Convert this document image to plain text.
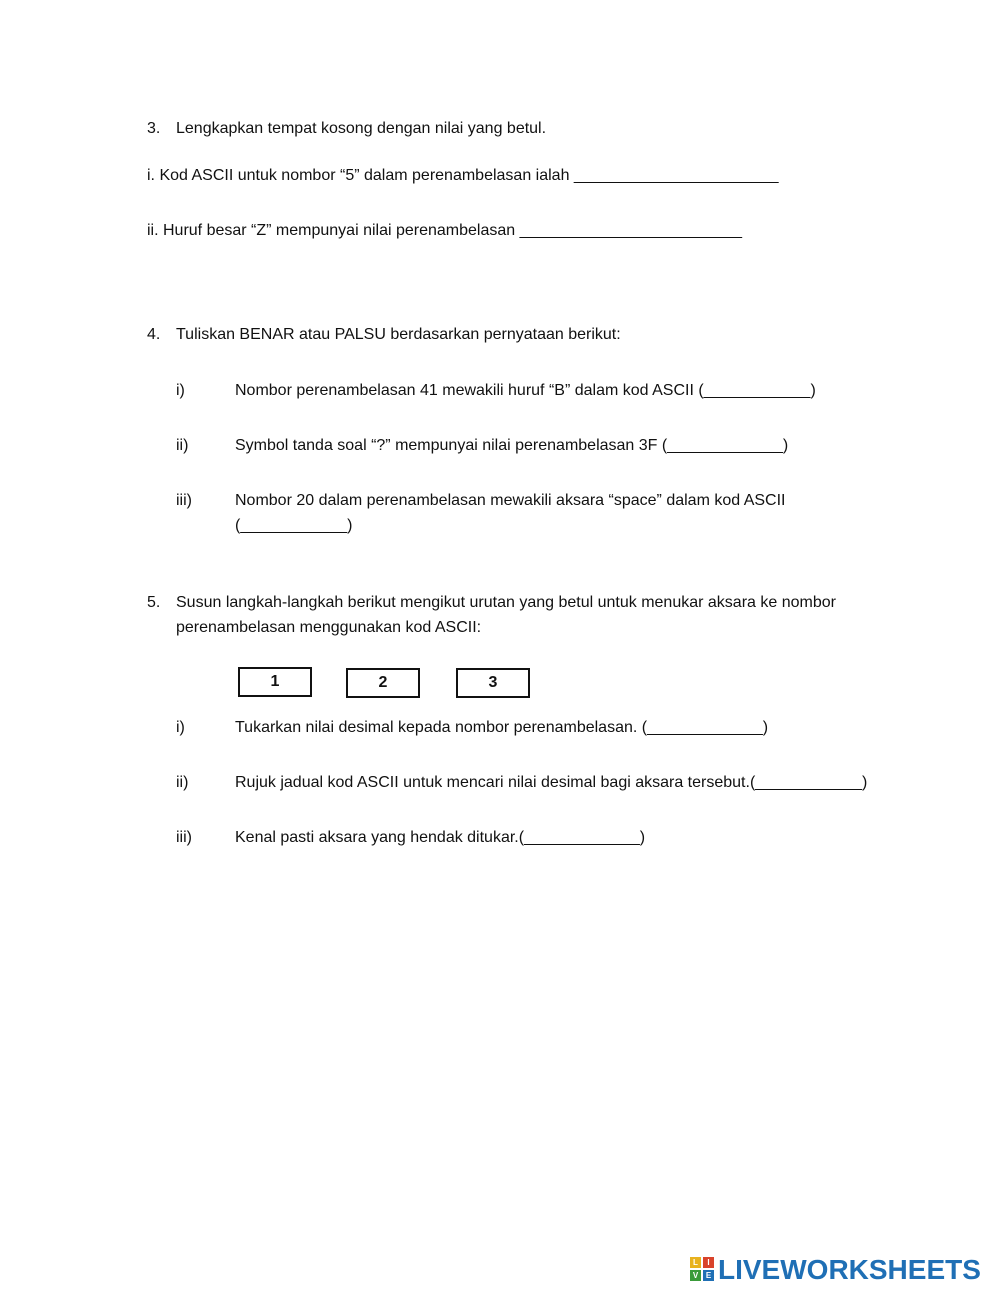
3. Lengkapkan tempat kosong dengan nilai yang betul.
i. Kod ASCII untuk nombor “5” dalam perenambelasan ialah _______________________
ii. Huruf besar “Z” mempunyai nilai perenambelasan _________________________
4. Tuliskan BENAR atau PALSU berdasarkan pernyataan berikut:
i)	Nombor perenambelasan 41 mewakili huruf “B” dalam kod ASCII (____________)
ii)	Symbol tanda soal “?” mempunyai nilai perenambelasan 3F (_____________)
iii)	Nombor 20 dalam perenambelasan mewakili aksara “space” dalam kod ASCII
(____________)
5. Susun langkah-langkah berikut mengikut urutan yang betul untuk menukar aksara ke nombor
perenambelasan menggunakan kod ASCII:
1	2	3
i)	Tukarkan nilai desimal kepada nombor perenambelasan. (_____________)
ii)	Rujuk jadual kod ASCII untuk mencari nilai desimal bagi aksara tersebut.(____________)
iii)	Kenal pasti aksara yang hendak ditukar.(_____________)
L	I
V E LIVEWORKSHEETS
